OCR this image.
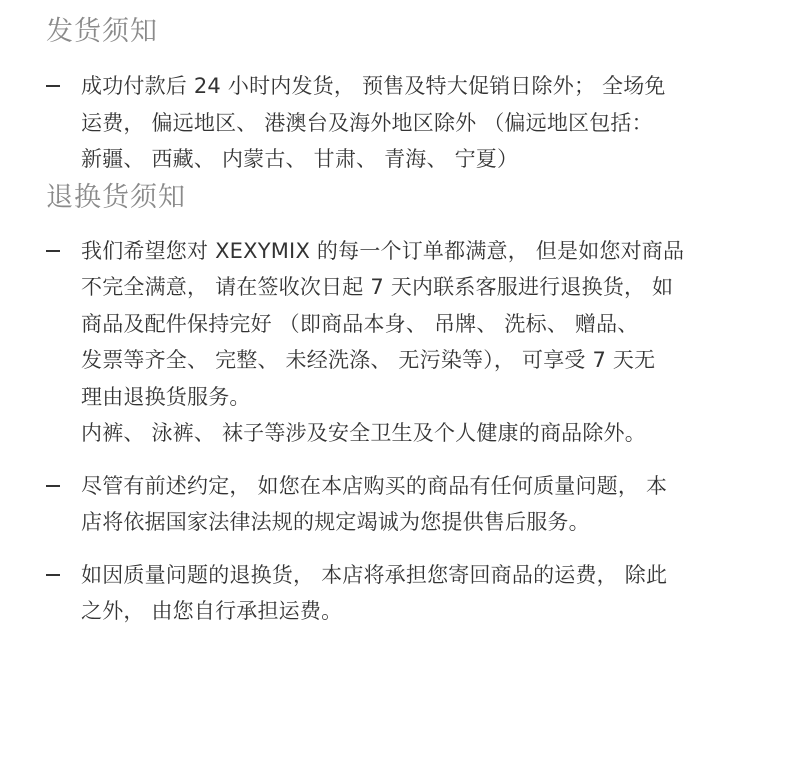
发货须知
成功付款后 24 小时内发货， 预售及特大促销日除外； 全场免
运费， 偏远地区、 港澳台及海外地区除外 （偏远地区包括：
新疆、 西藏、 内蒙古、 甘肃、 青海、 宁夏）
退换货须知
我们希望您对 XEXYMIX 的每一个订单都满意， 但是如您对商品
不完全满意， 请在签收次日起 7 天内联系客服进行退换货， 如
商品及配件保持完好 （即商品本身、 吊牌、 洗标、 赠品、
发票等齐全、 完整、 未经洗涤、 无污染等）， 可享受 7 天无
理由退换货服务。
内裤、 泳裤、 袜子等涉及安全卫生及个人健康的商品除外。
尽管有前述约定， 如您在本店购买的商品有任何质量问题， 本
店将依据国家法律法规的规定竭诚为您提供售后服务。
如因质量问题的退换货， 本店将承担您寄回商品的运费， 除此
之外， 由您自行承担运费。
